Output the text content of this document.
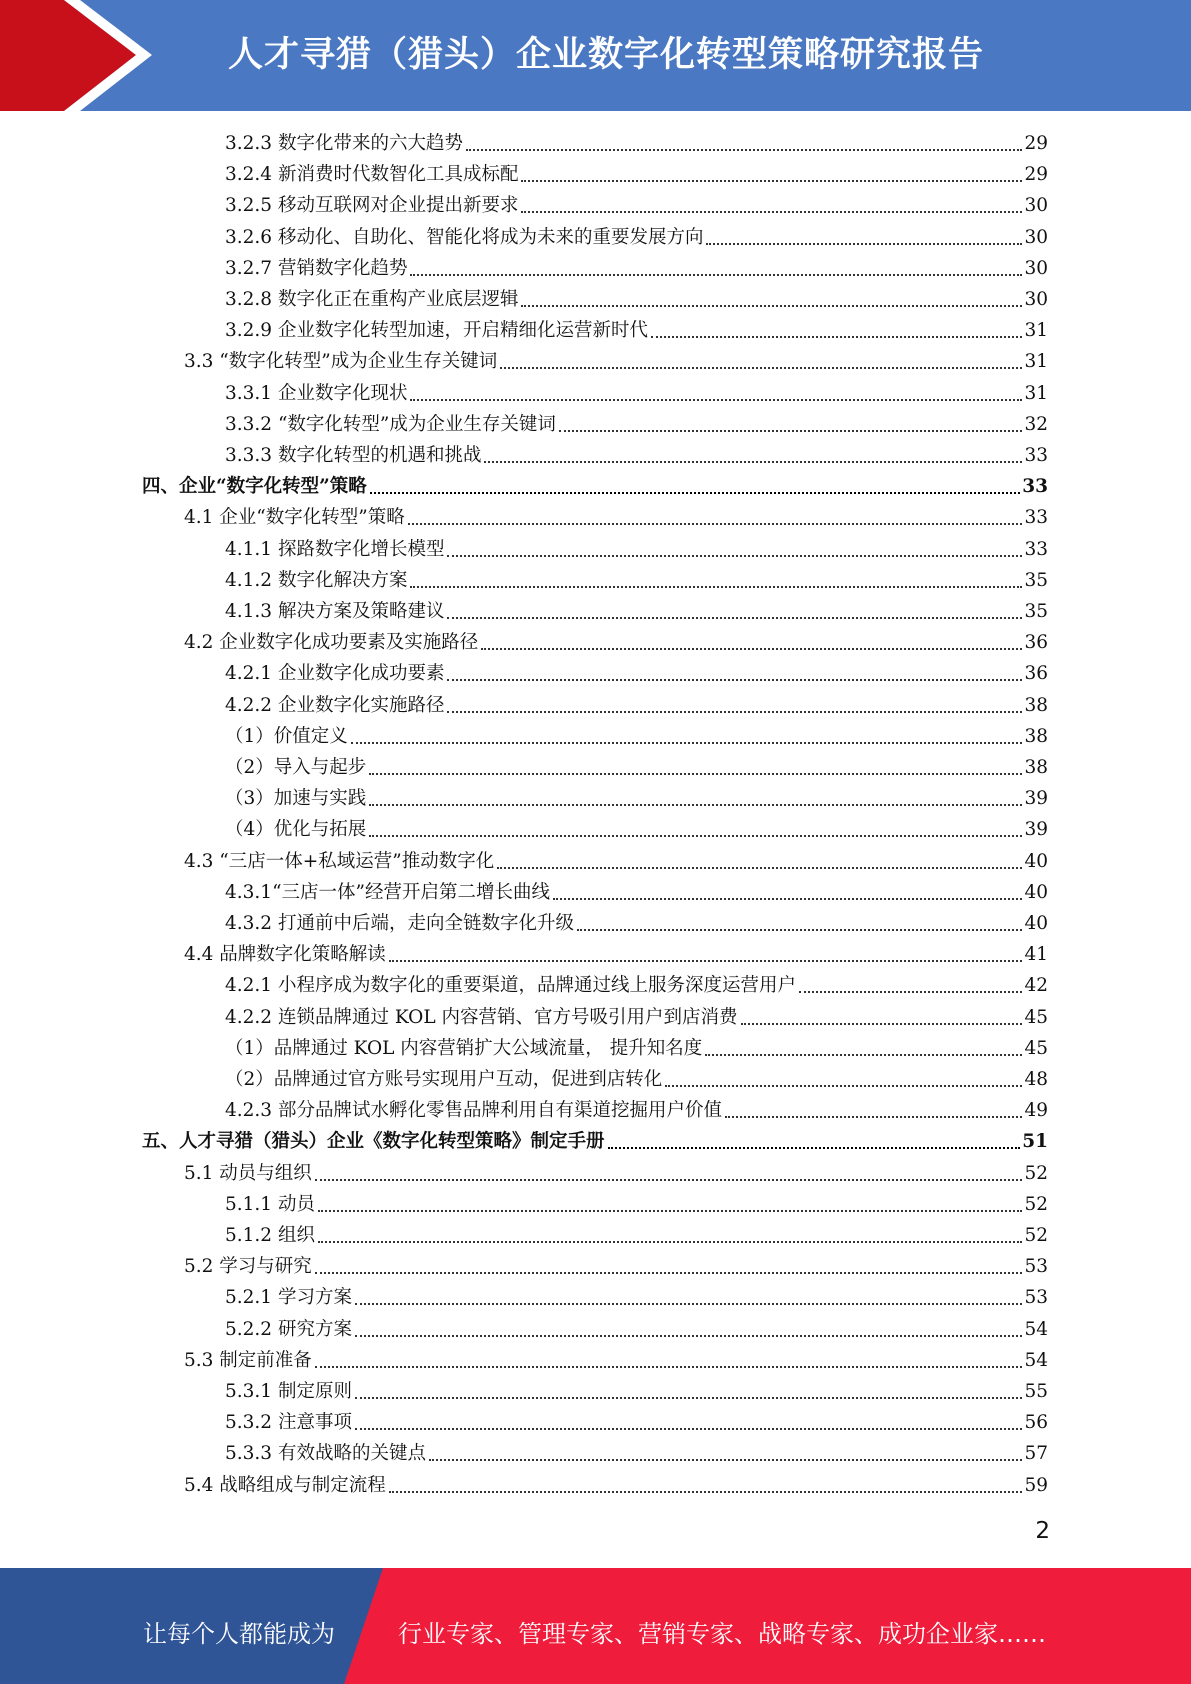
人才寻猎（猎头）企业数字化转型策略研究报告
3.2.3 数字化带来的六大趋势	29
3.2.4 新消费时代数智化工具成标配	29
3.2.5 移动互联网对企业提出新要求	30
3.2.6 移动化、自助化、智能化将成为未来的重要发展方向	30
3.2.7 营销数字化趋势	30
3.2.8 数字化正在重构产业底层逻辑	30
3.2.9 企业数字化转型加速，开启精细化运营新时代	31
3.3 “数字化转型”成为企业生存关键词	31
3.3.1 企业数字化现状	31
3.3.2 “数字化转型”成为企业生存关键词	32
3.3.3 数字化转型的机遇和挑战	33
四、企业“数字化转型”策略	33
4.1 企业“数字化转型”策略	33
4.1.1 探路数字化增长模型	33
4.1.2 数字化解决方案	35
4.1.3 解决方案及策略建议	35
4.2 企业数字化成功要素及实施路径	36
4.2.1 企业数字化成功要素	36
4.2.2 企业数字化实施路径	38
（1）价值定义	38
（2）导入与起步	38
（3）加速与实践	39
（4）优化与拓展	39
4.3 “三店一体+私域运营”推动数字化	40
4.3.1“三店一体”经营开启第二增长曲线	40
4.3.2 打通前中后端，走向全链数字化升级	40
4.4 品牌数字化策略解读	41
4.2.1 小程序成为数字化的重要渠道，品牌通过线上服务深度运营用户	42
4.2.2 连锁品牌通过 KOL 内容营销、官方号吸引用户到店消费	45
（1）品牌通过 KOL 内容营销扩大公域流量， 提升知名度	45
（2）品牌通过官方账号实现用户互动，促进到店转化	48
4.2.3 部分品牌试水孵化零售品牌利用自有渠道挖掘用户价值	49
五、人才寻猎（猎头）企业《数字化转型策略》制定手册	51
5.1 动员与组织	52
5.1.1 动员	52
5.1.2 组织	52
5.2 学习与研究	53
5.2.1 学习方案	53
5.2.2 研究方案	54
5.3 制定前准备	54
5.3.1 制定原则	55
5.3.2 注意事项	56
5.3.3 有效战略的关键点	57
5.4 战略组成与制定流程	59
2
让每个人都能成为	行业专家、管理专家、营销专家、战略专家、成功企业家……
